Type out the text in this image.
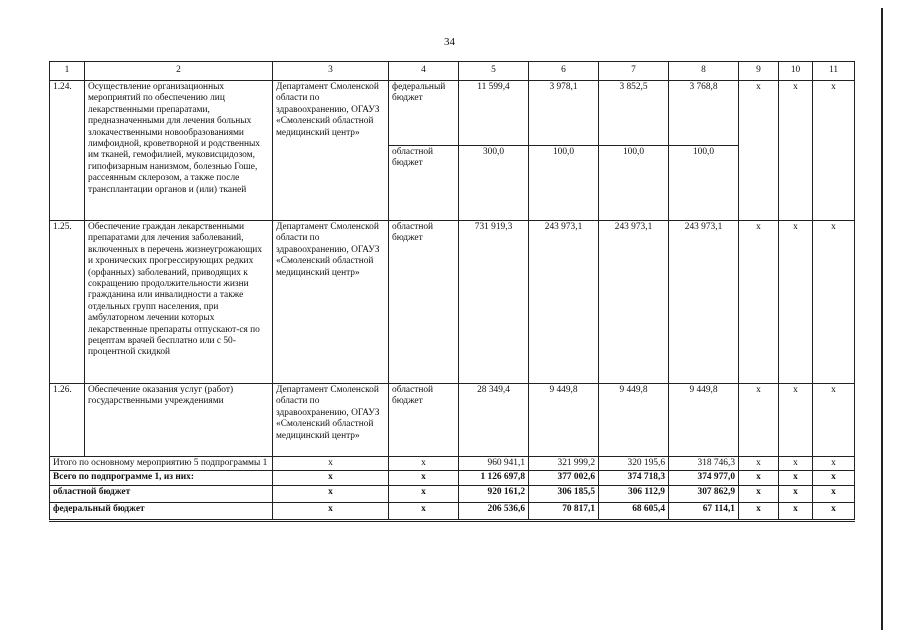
34
1	2	3	4	5	6	7	8	9	10	11
1.24.	Осуществление организационных мероприятий по обеспечению лиц лекарственными препаратами, предназначенными для лечения больных злокачественными новообразованиями лимфоидной, кроветворной и родственных им тканей, гемофилией, муковисцидозом, гипофизарным нанизмом, болезнью Гоше, рассеянным склерозом, а также после трансплантации органов и (или) тканей	Департамент Смоленской области по здравоохранению, ОГАУЗ «Смоленский областной медицинский центр»	федеральный бюджет	11 599,4	3 978,1	3 852,5	3 768,8	x	x	x
			областной бюджет	300,0	100,0	100,0	100,0			
1.25.	Обеспечение граждан лекарственными препаратами для лечения заболеваний, включенных в перечень жизнеугрожающих и хронических прогрессирующих редких (орфанных) заболеваний, приводящих к сокращению продолжительности жизни гражданина или инвалидности а также отдельных групп населения, при амбулаторном лечении которых лекарственные препараты отпускают-ся по рецептам врачей бесплатно или с 50-процентной скидкой	Департамент Смоленской области по здравоохранению, ОГАУЗ «Смоленский областной медицинский центр»	областной бюджет	731 919,3	243 973,1	243 973,1	243 973,1	x	x	x
1.26.	Обеспечение оказания услуг (работ) государственными учреждениями	Департамент Смоленской области по здравоохранению, ОГАУЗ «Смоленский областной медицинский центр»	областной бюджет	28 349,4	9 449,8	9 449,8	9 449,8	x	x	x
Итого по основному мероприятию 5 подпрограммы 1		x	x	960 941,1	321 999,2	320 195,6	318 746,3	x	x	x
Всего по подпрограмме 1, из них:		x	x	1 126 697,8	377 002,6	374 718,3	374 977,0	x	x	x
областной бюджет		x	x	920 161,2	306 185,5	306 112,9	307 862,9	x	x	x
федеральный бюджет		x	x	206 536,6	70 817,1	68 605,4	67 114,1	x	x	x
